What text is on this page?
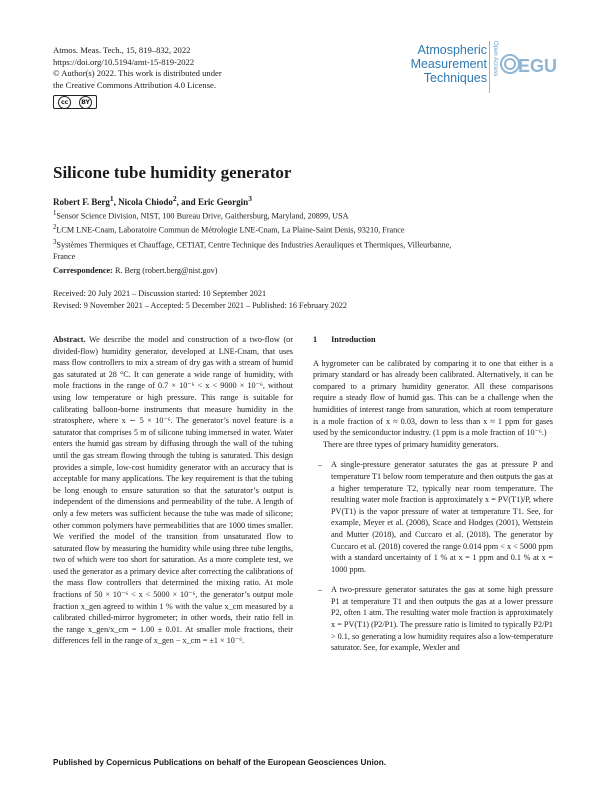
Atmos. Meas. Tech., 15, 819–832, 2022
https://doi.org/10.5194/amt-15-819-2022
© Author(s) 2022. This work is distributed under
the Creative Commons Attribution 4.0 License.
cc	BY
Atmospheric
Measurement
Techniques
Open Access EGU
Silicone tube humidity generator
Robert F. Berg$^1$, Nicola Chiodo$^2$, and Eric Georgin$^3$
$^1$Sensor Science Division, NIST, 100 Bureau Drive, Gaithersburg, Maryland, 20899, USA
$^2$LCM LNE-Cnam, Laboratoire Commun de Métrologie LNE-Cnam, La Plaine-Saint Denis, 93210, France
$^3$Systèmes Thermiques et Chauffage, CETIAT, Centre Technique des Industries Aerauliques et Thermiques, Villeurbanne, France
Correspondence: R. Berg (robert.berg@nist.gov)
Received: 20 July 2021 – Discussion started: 10 September 2021
Revised: 9 November 2021 – Accepted: 5 December 2021 – Published: 16 February 2022

Abstract. We describe the model and construction of a two-flow (or divided-flow) humidity generator, developed at LNE-Cnam, that uses mass flow controllers to mix a stream of dry gas with a stream of humid gas saturated at 28 °C. It can generate a wide range of humidity, with mole fractions in the range of 0.7 × 10⁻⁶ < x < 9000 × 10⁻⁶, without using low temperature or high pressure. This range is suitable for calibrating balloon-borne instruments that measure humidity in the stratosphere, where x ∼ 5 × 10⁻⁶. The generator’s novel feature is a saturator that comprises 5 m of silicone tubing immersed in water. Water enters the humid gas stream by diffusing through the wall of the tubing until the gas stream flowing through the tubing is saturated. This design provides a simple, low-cost humidity generator with an accuracy that is acceptable for many applications. The key requirement is that the tubing be long enough to ensure saturation so that the saturator’s output is independent of the dimensions and permeability of the tube. A length of only a few meters was sufficient because the tube was made of silicone; other common polymers have permeabilities that are 1000 times smaller. We verified the model of the transition from unsaturated flow to saturated flow by measuring the humidity while using three tube lengths, two of which were too short for saturation. As a more complete test, we used the generator as a primary device after correcting the calibrations of the mass flow controllers that determined the mixing ratio. At mole fractions of 50 × 10⁻⁶ < x < 5000 × 10⁻⁶, the generator’s output mole fraction x_gen agreed to within 1 % with the value x_cm measured by a calibrated chilled-mirror hygrometer; in other words, their ratio fell in the range x_gen/x_cm = 1.00 ± 0.01. At smaller mole fractions, their differences fell in the range of x_gen − x_cm = ±1 × 10⁻⁶.

1 Introduction

A hygrometer can be calibrated by comparing it to one that either is a primary standard or has already been calibrated. Alternatively, it can be compared to a primary humidity generator. All these comparisons require a steady flow of humid gas. This can be a challenge when the humidities of interest range from saturation, which at room temperature is a mole fraction of x ≈ 0.03, down to less than x ≈ 1 ppm for gases used by the semiconductor industry. (1 ppm is a mole fraction of 10⁻⁶.)

There are three types of primary humidity generators.

– A single-pressure generator saturates the gas at pressure P and temperature T1 below room temperature and then outputs the gas at a higher temperature T2, typically near room temperature. The resulting water mole fraction is approximately x = PV(T1)/P, where PV(T1) is the vapor pressure of water at temperature T1. See, for example, Meyer et al. (2008), Scace and Hodges (2001), Wettstein and Mutter (2018), and Cuccaro et al. (2018). The generator by Cuccaro et al. (2018) covered the range 0.014 ppm < x < 5000 ppm with a standard uncertainty of 1 % at x = 1 ppm and 0.1 % at x = 1000 ppm.
– A two-pressure generator saturates the gas at some high pressure P1 at temperature T1 and then outputs the gas at a lower pressure P2, often 1 atm. The resulting water mole fraction is approximately x = PV(T1) (P2/P1). The pressure ratio is limited to typically P2/P1 > 0.1, so generating a low humidity requires also a low-temperature saturator. See, for example, Wexler and
Published by Copernicus Publications on behalf of the European Geosciences Union.
